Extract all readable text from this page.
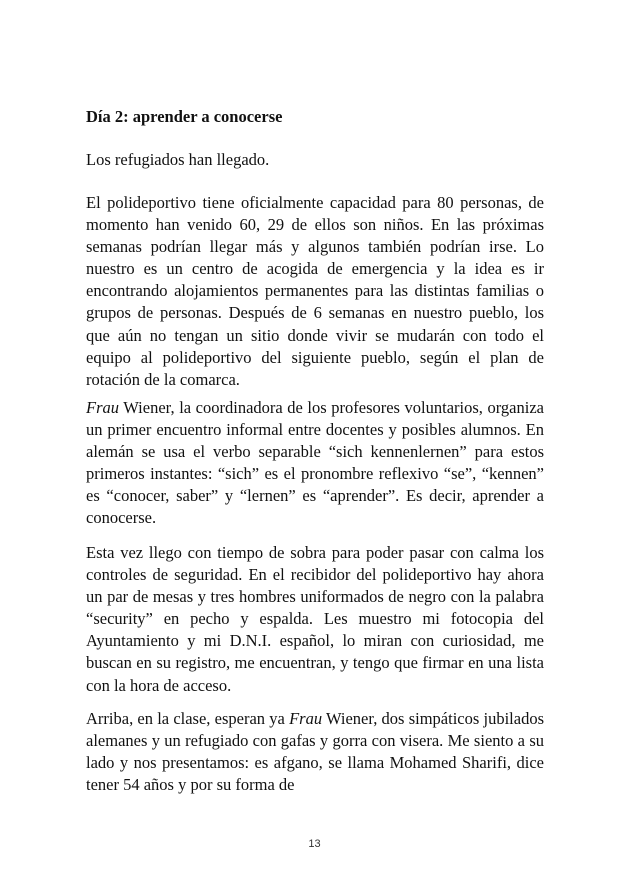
Día 2: aprender a conocerse

Los refugiados han llegado.

El polideportivo tiene oficialmente capacidad para 80 personas, de momento han venido 60, 29 de ellos son niños. En las próximas semanas podrían llegar más y algunos también podrían irse. Lo nuestro es un centro de acogida de emergencia y la idea es ir encontrando alojamientos permanentes para las distintas familias o grupos de personas. Después de 6 semanas en nuestro pueblo, los que aún no tengan un sitio donde vivir se mudarán con todo el equipo al polideportivo del siguiente pueblo, según el plan de rotación de la comarca.

Frau Wiener, la coordinadora de los profesores voluntarios, organiza un primer encuentro informal entre docentes y posibles alumnos. En alemán se usa el verbo separable “sich kennenlernen” para estos primeros instantes: “sich” es el pronombre reflexivo “se”, “kennen” es “conocer, saber” y “lernen” es “aprender”. Es decir, aprender a conocerse.

Esta vez llego con tiempo de sobra para poder pasar con calma los controles de seguridad. En el recibidor del polideportivo hay ahora un par de mesas y tres hombres uniformados de negro con la palabra “security” en pecho y espalda. Les muestro mi fotocopia del Ayuntamiento y mi D.N.I. español, lo miran con curiosidad, me buscan en su registro, me encuentran, y tengo que firmar en una lista con la hora de acceso.

Arriba, en la clase, esperan ya Frau Wiener, dos simpáticos jubilados alemanes y un refugiado con gafas y gorra con visera. Me siento a su lado y nos presentamos: es afgano, se llama Mohamed Sharifi, dice tener 54 años y por su forma de

13
